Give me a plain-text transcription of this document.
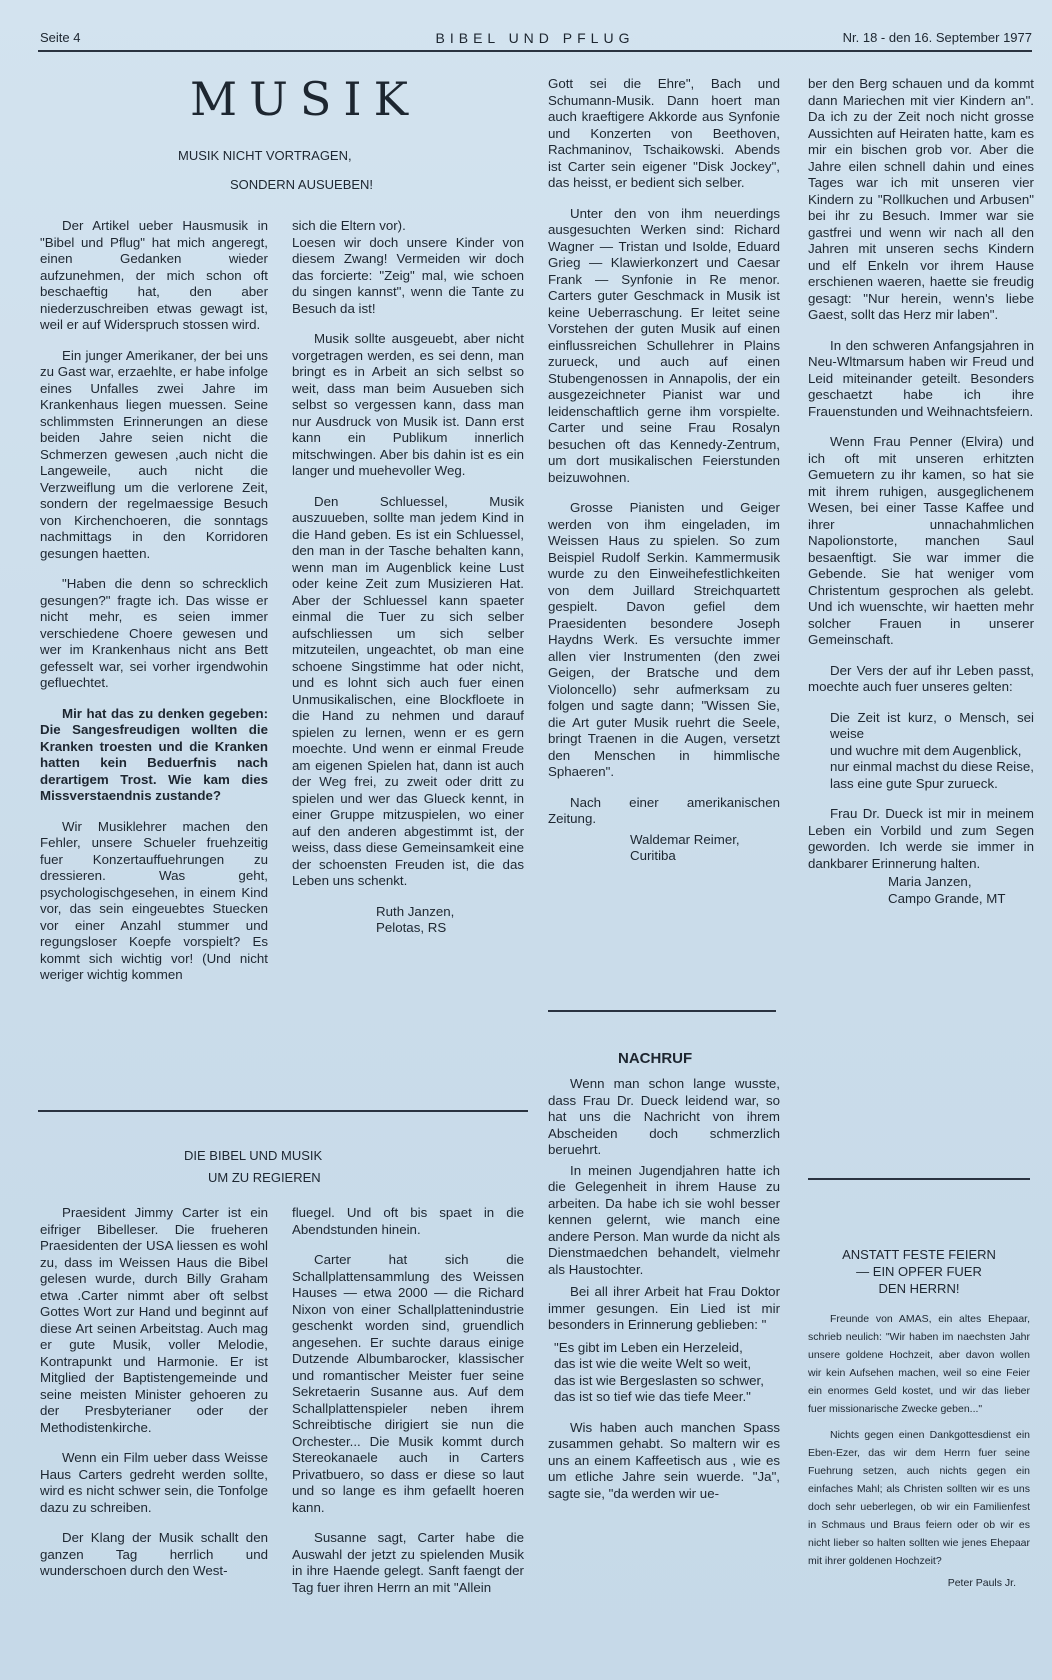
Seite 4	BIBEL UND PFLUG	Nr. 18 - den 16. September 1977
MUSIK
MUSIK NICHT VORTRAGEN,
SONDERN AUSUEBEN!

Der Artikel ueber Hausmusik in "Bibel und Pflug" hat mich angeregt, einen Gedanken wieder aufzunehmen, der mich schon oft beschaeftig hat, den aber niederzuschreiben etwas gewagt ist, weil er auf Widerspruch stossen wird.

Ein junger Amerikaner, der bei uns zu Gast war, erzaehlte, er habe infolge eines Unfalles zwei Jahre im Krankenhaus liegen muessen. Seine schlimmsten Erinnerungen an diese beiden Jahre seien nicht die Schmerzen gewesen ,auch nicht die Langeweile, auch nicht die Verzweiflung um die verlorene Zeit, sondern der regelmaessige Besuch von Kirchenchoeren, die sonntags nachmittags in den Korridoren gesungen haetten.

"Haben die denn so schrecklich gesungen?" fragte ich. Das wisse er nicht mehr, es seien immer verschiedene Choere gewesen und wer im Krankenhaus nicht ans Bett gefesselt war, sei vorher irgendwohin gefluechtet.

Mir hat das zu denken gegeben: Die Sangesfreudigen wollten die Kranken troesten und die Kranken hatten kein Beduerfnis nach derartigem Trost. Wie kam dies Missverstaendnis zustande?

Wir Musiklehrer machen den Fehler, unsere Schueler fruehzeitig fuer Konzertauffuehrungen zu dressieren. Was geht, psychologischgesehen, in einem Kind vor, das sein eingeuebtes Stuecken vor einer Anzahl stummer und regungsloser Koepfe vorspielt? Es kommt sich wichtig vor! (Und nicht weriger wichtig kommen

sich die Eltern vor).
Loesen wir doch unsere Kinder von diesem Zwang! Vermeiden wir doch das forcierte: "Zeig" mal, wie schoen du singen kannst", wenn die Tante zu Besuch da ist!

Musik sollte ausgeuebt, aber nicht vorgetragen werden, es sei denn, man bringt es in Arbeit an sich selbst so weit, dass man beim Ausueben sich selbst so vergessen kann, dass man nur Ausdruck von Musik ist. Dann erst kann ein Publikum innerlich mitschwingen. Aber bis dahin ist es ein langer und muehevoller Weg.

Den Schluessel, Musik auszuueben, sollte man jedem Kind in die Hand geben. Es ist ein Schluessel, den man in der Tasche behalten kann, wenn man im Augenblick keine Lust oder keine Zeit zum Musizieren Hat. Aber der Schluessel kann spaeter einmal die Tuer zu sich selber aufschliessen um sich selber mitzuteilen, ungeachtet, ob man eine schoene Singstimme hat oder nicht, und es lohnt sich auch fuer einen Unmusikalischen, eine Blockfloete in die Hand zu nehmen und darauf spielen zu lernen, wenn er es gern moechte. Und wenn er einmal Freude am eigenen Spielen hat, dann ist auch der Weg frei, zu zweit oder dritt zu spielen und wer das Glueck kennt, in einer Gruppe mitzuspielen, wo einer auf den anderen abgestimmt ist, der weiss, dass diese Gemeinsamkeit eine der schoensten Freuden ist, die das Leben uns schenkt.

Ruth Janzen,
Pelotas, RS
DIE BIBEL UND MUSIK
UM ZU REGIEREN

Praesident Jimmy Carter ist ein eifriger Bibelleser. Die frueheren Praesidenten der USA liessen es wohl zu, dass im Weissen Haus die Bibel gelesen wurde, durch Billy Graham etwa .Carter nimmt aber oft selbst Gottes Wort zur Hand und beginnt auf diese Art seinen Arbeitstag. Auch mag er gute Musik, voller Melodie, Kontrapunkt und Harmonie. Er ist Mitglied der Baptistengemeinde und seine meisten Minister gehoeren zu der Presbyterianer oder der Methodistenkirche.

Wenn ein Film ueber dass Weisse Haus Carters gedreht werden sollte, wird es nicht schwer sein, die Tonfolge dazu zu schreiben.

Der Klang der Musik schallt den ganzen Tag herrlich und wunderschoen durch den West-

fluegel. Und oft bis spaet in die Abendstunden hinein.

Carter hat sich die Schallplattensammlung des Weissen Hauses — etwa 2000 — die Richard Nixon von einer Schallplattenindustrie geschenkt worden sind, gruendlich angesehen. Er suchte daraus einige Dutzende Albumbarocker, klassischer und romantischer Meister fuer seine Sekretaerin Susanne aus. Auf dem Schallplattenspieler neben ihrem Schreibtische dirigiert sie nun die Orchester... Die Musik kommt durch Stereokanaele auch in Carters Privatbuero, so dass er diese so laut und so lange es ihm gefaellt hoeren kann.

Susanne sagt, Carter habe die Auswahl der jetzt zu spielenden Musik in ihre Haende gelegt. Sanft faengt der Tag fuer ihren Herrn an mit "Allein

Gott sei die Ehre", Bach und Schumann-Musik. Dann hoert man auch kraeftigere Akkorde aus Synfonie und Konzerten von Beethoven, Rachmaninov, Tschaikowski. Abends ist Carter sein eigener "Disk Jockey", das heisst, er bedient sich selber.

Unter den von ihm neuerdings ausgesuchten Werken sind: Richard Wagner — Tristan und Isolde, Eduard Grieg — Klawierkonzert und Caesar Frank — Synfonie in Re menor. Carters guter Geschmack in Musik ist keine Ueberraschung. Er leitet seine Vorstehen der guten Musik auf einen einflussreichen Schullehrer in Plains zurueck, und auch auf einen Stubengenossen in Annapolis, der ein ausgezeichneter Pianist war und leidenschaftlich gerne ihm vorspielte. Carter und seine Frau Rosalyn besuchen oft das Kennedy-Zentrum, um dort musikalischen Feierstunden beizuwohnen.

Grosse Pianisten und Geiger werden von ihm eingeladen, im Weissen Haus zu spielen. So zum Beispiel Rudolf Serkin. Kammermusik wurde zu den Einweihefestlichkeiten von dem Juillard Streichquartett gespielt. Davon gefiel dem Praesidenten besondere Joseph Haydns Werk. Es versuchte immer allen vier Instrumenten (den zwei Geigen, der Bratsche und dem Violoncello) sehr aufmerksam zu folgen und sagte dann; "Wissen Sie, die Art guter Musik ruehrt die Seele, bringt Traenen in die Augen, versetzt den Menschen in himmlische Sphaeren".

Nach einer amerikanischen Zeitung.

Waldemar Reimer,
Curitiba
NACHRUF

Wenn man schon lange wusste, dass Frau Dr. Dueck leidend war, so hat uns die Nachricht von ihrem Abscheiden doch schmerzlich beruehrt.

In meinen Jugendjahren hatte ich die Gelegenheit in ihrem Hause zu arbeiten. Da habe ich sie wohl besser kennen gelernt, wie manch eine andere Person. Man wurde da nicht als Dienstmaedchen behandelt, vielmehr als Haustochter.

Bei all ihrer Arbeit hat Frau Doktor immer gesungen. Ein Lied ist mir besonders in Erinnerung geblieben: "

"Es gibt im Leben ein Herzeleid,
das ist wie die weite Welt so weit,
das ist wie Bergeslasten so schwer,
das ist so tief wie das tiefe Meer."

Wis haben auch manchen Spass zusammen gehabt. So maltern wir es uns an einem Kaffeetisch aus , wie es um etliche Jahre sein wuerde. "Ja", sagte sie, "da werden wir ue-

ber den Berg schauen und da kommt dann Mariechen mit vier Kindern an". Da ich zu der Zeit noch nicht grosse Aussichten auf Heiraten hatte, kam es mir ein bischen grob vor. Aber die Jahre eilen schnell dahin und eines Tages war ich mit unseren vier Kindern zu "Rollkuchen und Arbusen" bei ihr zu Besuch. Immer war sie gastfrei und wenn wir nach all den Jahren mit unseren sechs Kindern und elf Enkeln vor ihrem Hause erschienen waeren, haette sie freudig gesagt: "Nur herein, wenn's liebe Gaest, sollt das Herz mir laben".

In den schweren Anfangsjahren in Neu-Wltmarsum haben wir Freud und Leid miteinander geteilt. Besonders geschaetzt habe ich ihre Frauenstunden und Weihnachtsfeiern.

Wenn Frau Penner (Elvira) und ich oft mit unseren erhitzten Gemuetern zu ihr kamen, so hat sie mit ihrem ruhigen, ausgeglichenem Wesen, bei einer Tasse Kaffee und ihrer unnachahmlichen Napolionstorte, manchen Saul besaenftigt. Sie war immer die Gebende. Sie hat weniger vom Christentum gesprochen als gelebt. Und ich wuenschte, wir haetten mehr solcher Frauen in unserer Gemeinschaft.

Der Vers der auf ihr Leben passt, moechte auch fuer unseres gelten:

Die Zeit ist kurz, o Mensch, sei weise
und wuchre mit dem Augenblick,
nur einmal machst du diese Reise,
lass eine gute Spur zurueck.

Frau Dr. Dueck ist mir in meinem Leben ein Vorbild und zum Segen geworden. Ich werde sie immer in dankbarer Erinnerung halten.

Maria Janzen,
Campo Grande, MT
ANSTATT FESTE FEIERN
— EIN OPFER FUER
DEN HERRN!

Freunde von AMAS, ein altes Ehepaar, schrieb neulich: "Wir haben im naechsten Jahr unsere goldene Hochzeit, aber davon wollen wir kein Aufsehen machen, weil so eine Feier ein enormes Geld kostet, und wir das lieber fuer missionarische Zwecke geben..."

Nichts gegen einen Dankgottesdienst ein Eben-Ezer, das wir dem Herrn fuer seine Fuehrung setzen, auch nichts gegen ein einfaches Mahl; als Christen sollten wir es uns doch sehr ueberlegen, ob wir ein Familienfest in Schmaus und Braus feiern oder ob wir es nicht lieber so halten sollten wie jenes Ehepaar mit ihrer goldenen Hochzeit?

Peter Pauls Jr.
